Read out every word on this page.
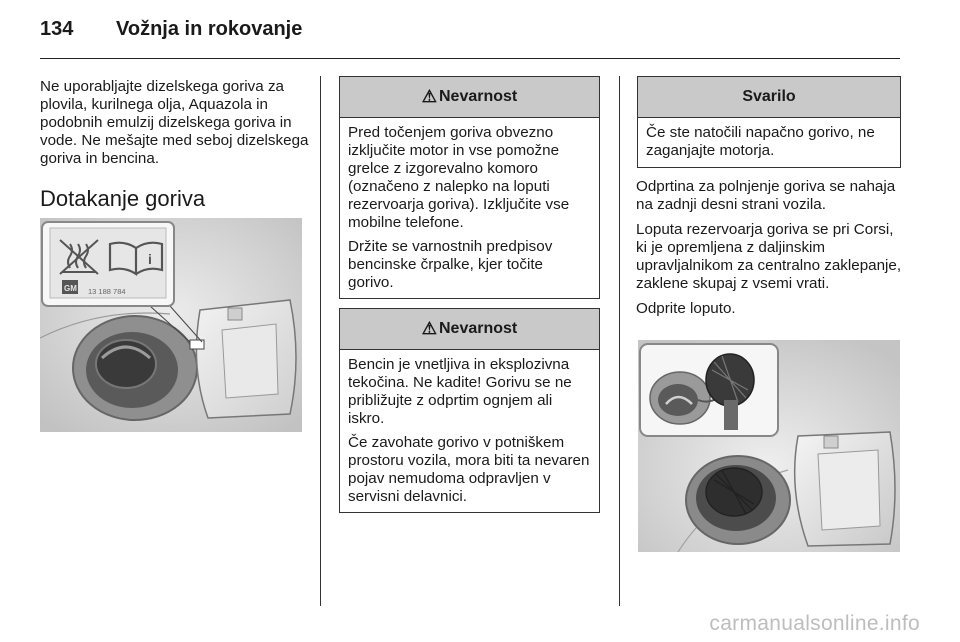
134 Vožnja in rokovanje

Ne uporabljajte dizelskega goriva za plovila, kurilnega olja, Aquazola in podobnih emulzij dizelskega goriva in vode. Ne mešajte med seboj dizelskega goriva in bencina.

Dotakanje goriva
i
GM 13 188 784
⚠ Nevarnost

Pred točenjem goriva obvezno izključite motor in vse pomožne grelce z izgorevalno komoro (označeno z nalepko na loputi rezervoarja goriva). Izključite vse mobilne telefone.

Držite se varnostnih predpisov bencinske črpalke, kjer točite gorivo.

⚠ Nevarnost

Bencin je vnetljiva in eksplozivna tekočina. Ne kadite! Gorivu se ne približujte z odprtim ognjem ali iskro.

Če zavohate gorivo v potniškem prostoru vozila, mora biti ta nevaren pojav nemudoma odpravljen v servisni delavnici.

Svarilo

Če ste natočili napačno gorivo, ne zaganjajte motorja.

Odprtina za polnjenje goriva se nahaja na zadnji desni strani vozila.

Loputa rezervoarja goriva se pri Corsi, ki je opremljena z daljinskim upravljalnikom za centralno zaklepanje, zaklene skupaj z vsemi vrati.

Odprite loputo.

carmanualsonline.info
